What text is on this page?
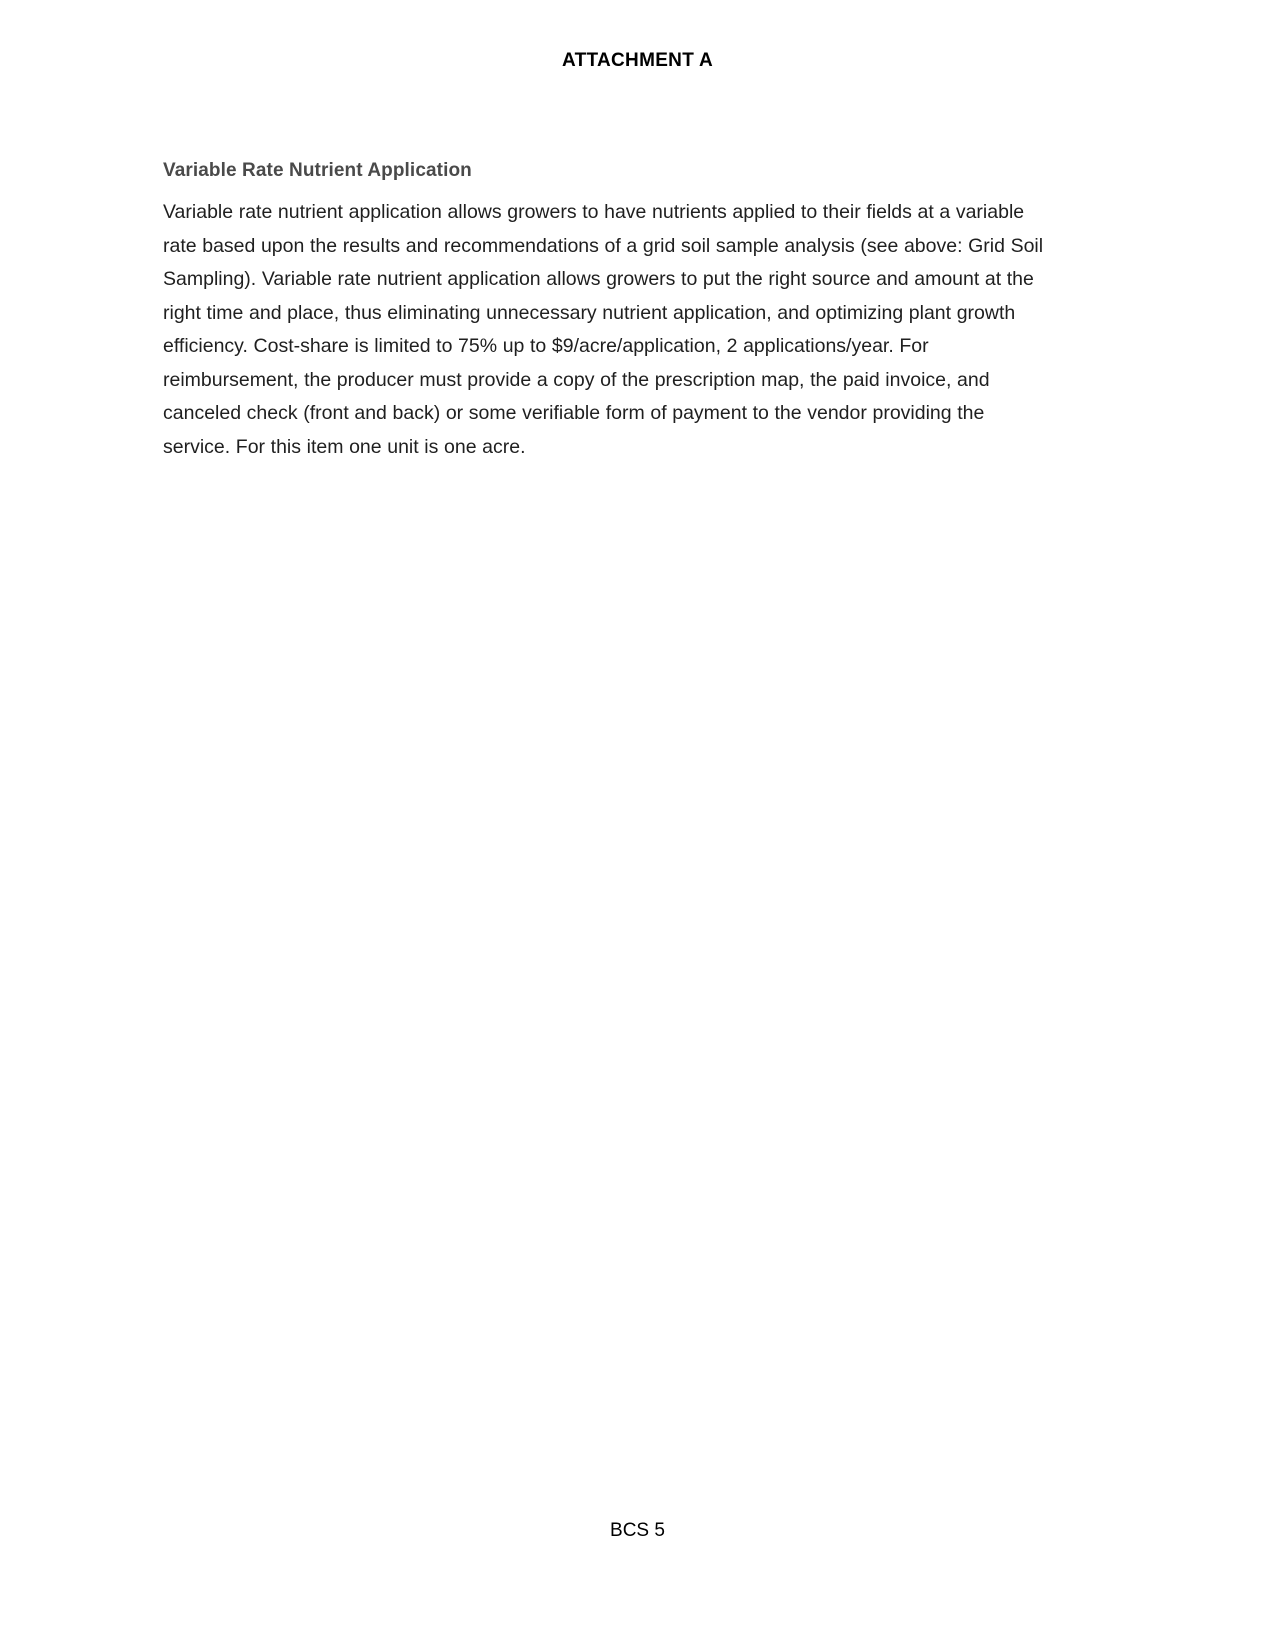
ATTACHMENT A
Variable Rate Nutrient Application

Variable rate nutrient application allows growers to have nutrients applied to their fields at a variable rate based upon the results and recommendations of a grid soil sample analysis (see above: Grid Soil Sampling). Variable rate nutrient application allows growers to put the right source and amount at the right time and place, thus eliminating unnecessary nutrient application, and optimizing plant growth efficiency. Cost-share is limited to 75% up to $9/acre/application, 2 applications/year. For reimbursement, the producer must provide a copy of the prescription map, the paid invoice, and canceled check (front and back) or some verifiable form of payment to the vendor providing the service. For this item one unit is one acre.

BCS 5
